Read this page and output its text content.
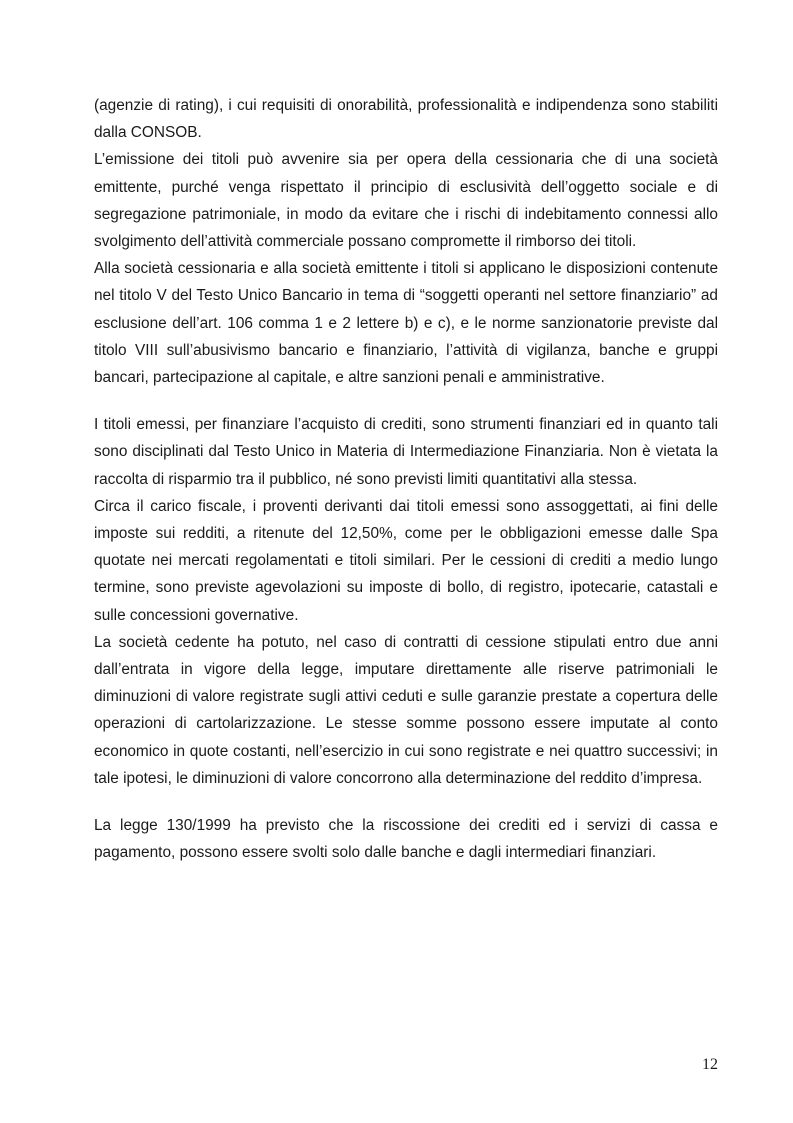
(agenzie di rating), i cui requisiti di onorabilità, professionalità e indipendenza sono stabiliti dalla CONSOB.

L’emissione dei titoli può avvenire sia per opera della cessionaria che di una società emittente, purché venga rispettato il principio di esclusività dell’oggetto sociale e di segregazione patrimoniale, in modo da evitare che i rischi di indebitamento connessi allo svolgimento dell’attività commerciale possano compromette il rimborso dei titoli.

Alla società cessionaria e alla società emittente i titoli si applicano le disposizioni contenute nel titolo V del Testo Unico Bancario in tema di “soggetti operanti nel settore finanziario” ad esclusione dell’art. 106 comma 1 e 2 lettere b) e c), e le norme sanzionatorie previste dal titolo VIII sull’abusivismo bancario e finanziario, l’attività di vigilanza, banche e gruppi bancari, partecipazione al capitale, e altre sanzioni penali e amministrative.

I titoli emessi, per finanziare l’acquisto di crediti, sono strumenti finanziari ed in quanto tali sono disciplinati dal Testo Unico in Materia di Intermediazione Finanziaria. Non è vietata la raccolta di risparmio tra il pubblico, né sono previsti limiti quantitativi alla stessa.

Circa il carico fiscale, i proventi derivanti dai titoli emessi sono assoggettati, ai fini delle imposte sui redditi, a ritenute del 12,50%, come per le obbligazioni emesse dalle Spa quotate nei mercati regolamentati e titoli similari. Per le cessioni di crediti a medio lungo termine, sono previste agevolazioni su imposte di bollo, di registro, ipotecarie, catastali e sulle concessioni governative.

La società cedente ha potuto, nel caso di contratti di cessione stipulati entro due anni dall’entrata in vigore della legge, imputare direttamente alle riserve patrimoniali le diminuzioni di valore registrate sugli attivi ceduti e sulle garanzie prestate a copertura delle operazioni di cartolarizzazione. Le stesse somme possono essere imputate al conto economico in quote costanti, nell’esercizio in cui sono registrate e nei quattro successivi; in tale ipotesi, le diminuzioni di valore concorrono alla determinazione del reddito d’impresa.

La legge 130/1999 ha previsto che la riscossione dei crediti ed i servizi di cassa e pagamento, possono essere svolti solo dalle banche e dagli intermediari finanziari.

12
